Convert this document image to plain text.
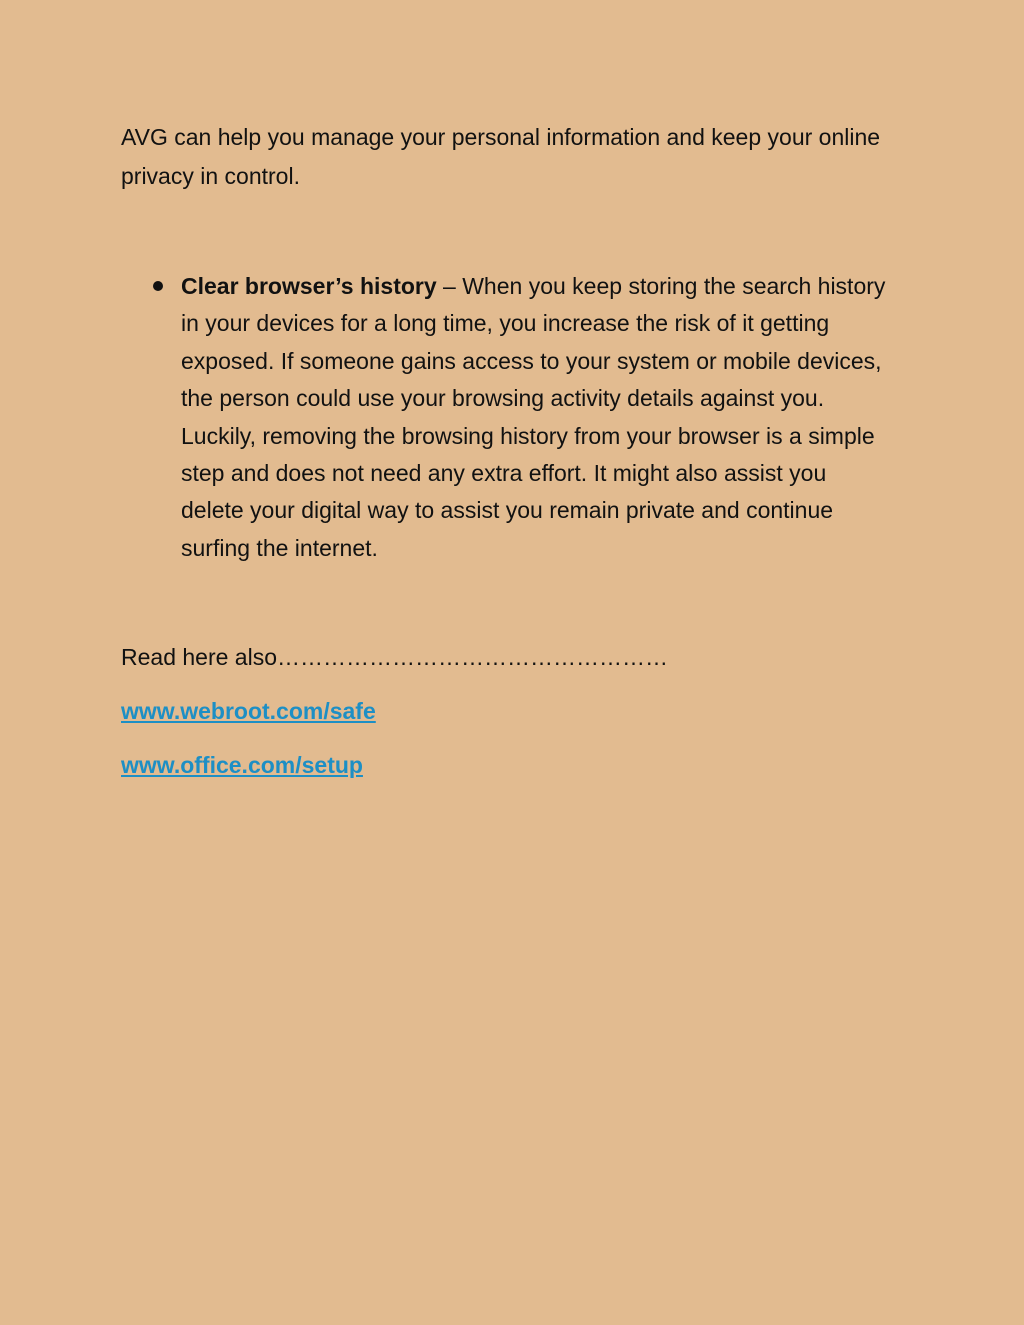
AVG can help you manage your personal information and keep your online privacy in control.

Clear browser’s history – When you keep storing the search history in your devices for a long time, you increase the risk of it getting exposed. If someone gains access to your system or mobile devices, the person could use your browsing activity details against you. Luckily, removing the browsing history from your browser is a simple step and does not need any extra effort. It might also assist you delete your digital way to assist you remain private and continue surfing the internet.

Read here also……………………………………………

www.webroot.com/safe
www.office.com/setup
